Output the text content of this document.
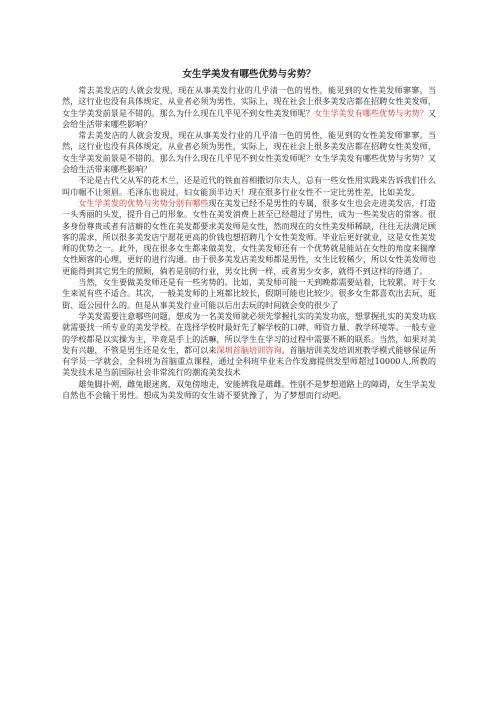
女生学美发有哪些优势与劣势？

常去美发店的人就会发现，现在从事美发行业的几乎清一色的男性，能见到的女性美发师寥寥。当然，这行业也没有具体规定，从业者必须为男性，实际上，现在社会上很多美发店都在招聘女性美发师，女生学美发前景是不错的。那么为什么现在几乎见不到女性美发师呢？女生学美发有哪些优势与劣势？又会给生活带来哪些影响？

常去美发店的人就会发现，现在从事美发行业的几乎清一色的男性，能见到的女性美发师寥寥。当然，这行业也没有具体规定，从业者必须为男性，实际上，现在社会上很多美发店都在招聘女性美发师，女生学美发前景是不错的。那么为什么现在几乎见不到女性美发师呢？女生学美发有哪些优势与劣势？又会给生活带来哪些影响？

不论是古代父从军的花木兰，还是近代的铁血首相撒切尔夫人，总有一些女性用实践来告诉我们什么叫巾帼不让须眉。毛泽东也说过，妇女能顶半边天！现在很多行业女性不一定比男性差，比如美发。

女生学美发的优势与劣势分别有哪些现在美发已经不是男性的专属，很多女生也会走进美发店，打造一头秀丽的头发，提升自己的形象。女性在美发消费上甚至已经超过了男性，成为一些美发店的常客。很多身份尊贵或者有洁癖的女性在美发都要求美发师是女性，然而现在的女性美发师稀缺，往往无法满足顾客的需求，所以很多美发店宁愿花更高的价钱也想招聘几个女性美发师。毕业后更好就业，这是女性美发师的优势之一。此外，现在很多女生都来做美发，女性美发师还有一个优势就是能站在女性的角度来揣摩女性顾客的心理，更好的进行沟通。由于很多美发店美发师都是男性，女生比较稀少，所以女性美发师也更能得到其它男生的照顾，倘若是别的行业，男女比例一样，或者男少女多，就得不到这样的待遇了。

当然，女生要做美发师还是有一些劣势的。比如，美发师可能一天到晚都需要站着，比较累，对于女生来说有些不适合。其次，一般美发师的上班都比较长，假期可能也比较少。很多女生都喜欢出去玩，逛街、逛公园什么的。但是从事美发行业可能以后出去玩的时间就会变的很少了

学美发需要注意哪些问题，想成为一名美发师就必须先掌握扎实的美发功底，想掌握扎实的美发功底就需要找一所专业的美发学校。在选择学校时最好先了解学校的口碑、师资力量、教学环境等。一般专业的学校都是以实操为主，毕竟是手上的活嘛，所以学生在学习的过程中需要不断的联系。当然，如果对美发有兴趣，不管是男生还是女生，都可以来深圳首脑培训咨询。首脑培训美发培训班教学模式能够保证所有学员一学就会，全科班为首脑重点课程，通过全科班毕业未合作发廊提供发型师超过10000人,所教的美发技术是当前国际社会非常流行的潮流美发技术

雄兔脚扑朔，雌兔眼迷离，双兔傍地走，安能辨我是雄雌。性别不是梦想道路上的障碍，女生学美发自然也不会输于男性。想成为美发师的女生请不要犹豫了，为了梦想而行动吧。
